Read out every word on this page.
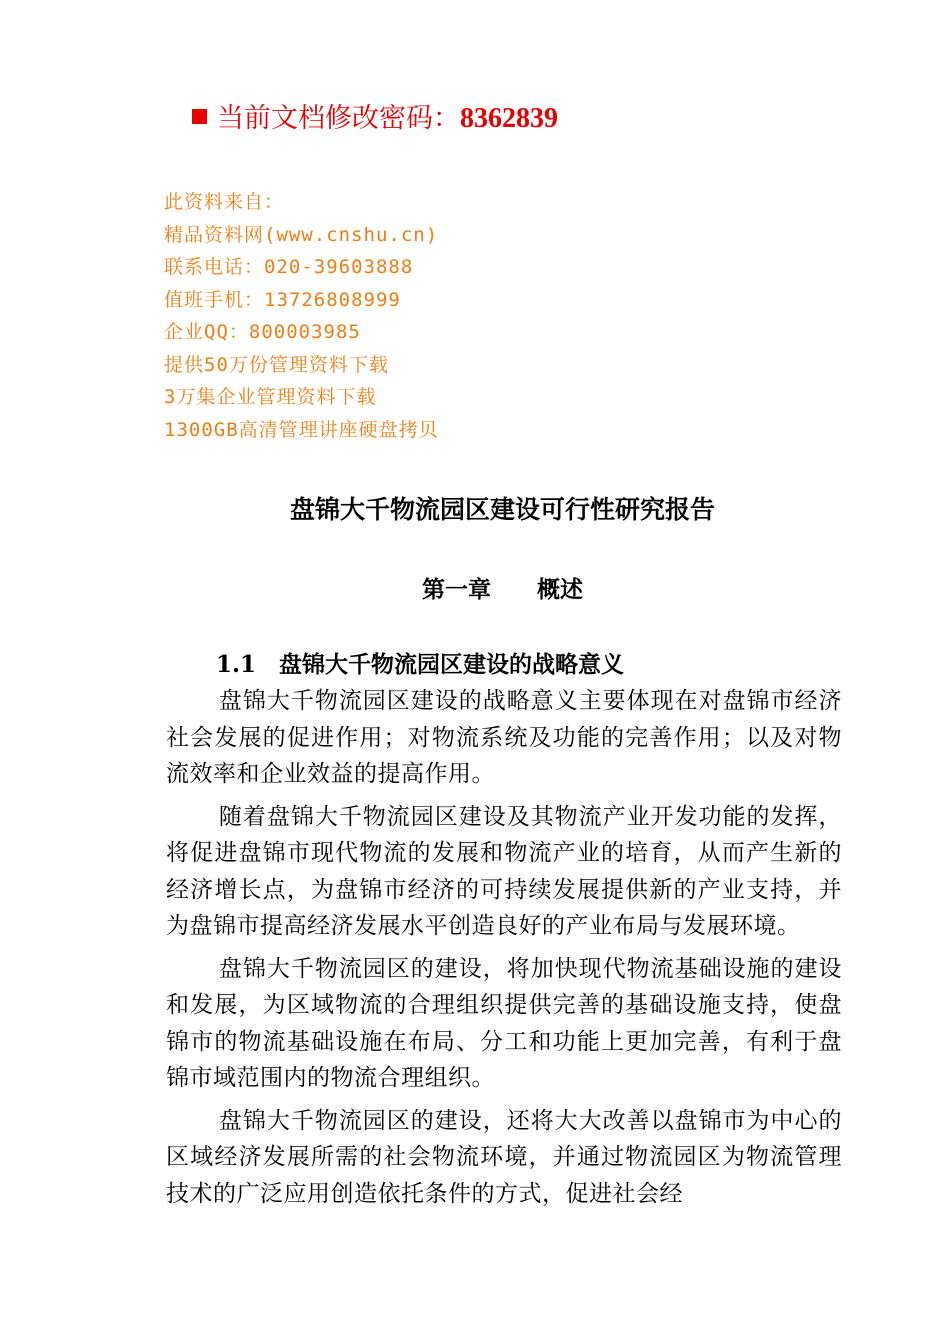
当前文档修改密码：8362839
此资料来自：
精品资料网(www.cnshu.cn)
联系电话：020-39603888
值班手机：13726808999
企业QQ：800003985
提供50万份管理资料下载
3万集企业管理资料下载
1300GB高清管理讲座硬盘拷贝
盘锦大千物流园区建设可行性研究报告
第一章　　概述
1.1　盘锦大千物流园区建设的战略意义

盘锦大千物流园区建设的战略意义主要体现在对盘锦市经济社会发展的促进作用；对物流系统及功能的完善作用；以及对物流效率和企业效益的提高作用。

随着盘锦大千物流园区建设及其物流产业开发功能的发挥，将促进盘锦市现代物流的发展和物流产业的培育，从而产生新的经济增长点，为盘锦市经济的可持续发展提供新的产业支持，并为盘锦市提高经济发展水平创造良好的产业布局与发展环境。

盘锦大千物流园区的建设，将加快现代物流基础设施的建设和发展，为区域物流的合理组织提供完善的基础设施支持，使盘锦市的物流基础设施在布局、分工和功能上更加完善，有利于盘锦市域范围内的物流合理组织。

盘锦大千物流园区的建设，还将大大改善以盘锦市为中心的区域经济发展所需的社会物流环境，并通过物流园区为物流管理技术的广泛应用创造依托条件的方式，促进社会经
